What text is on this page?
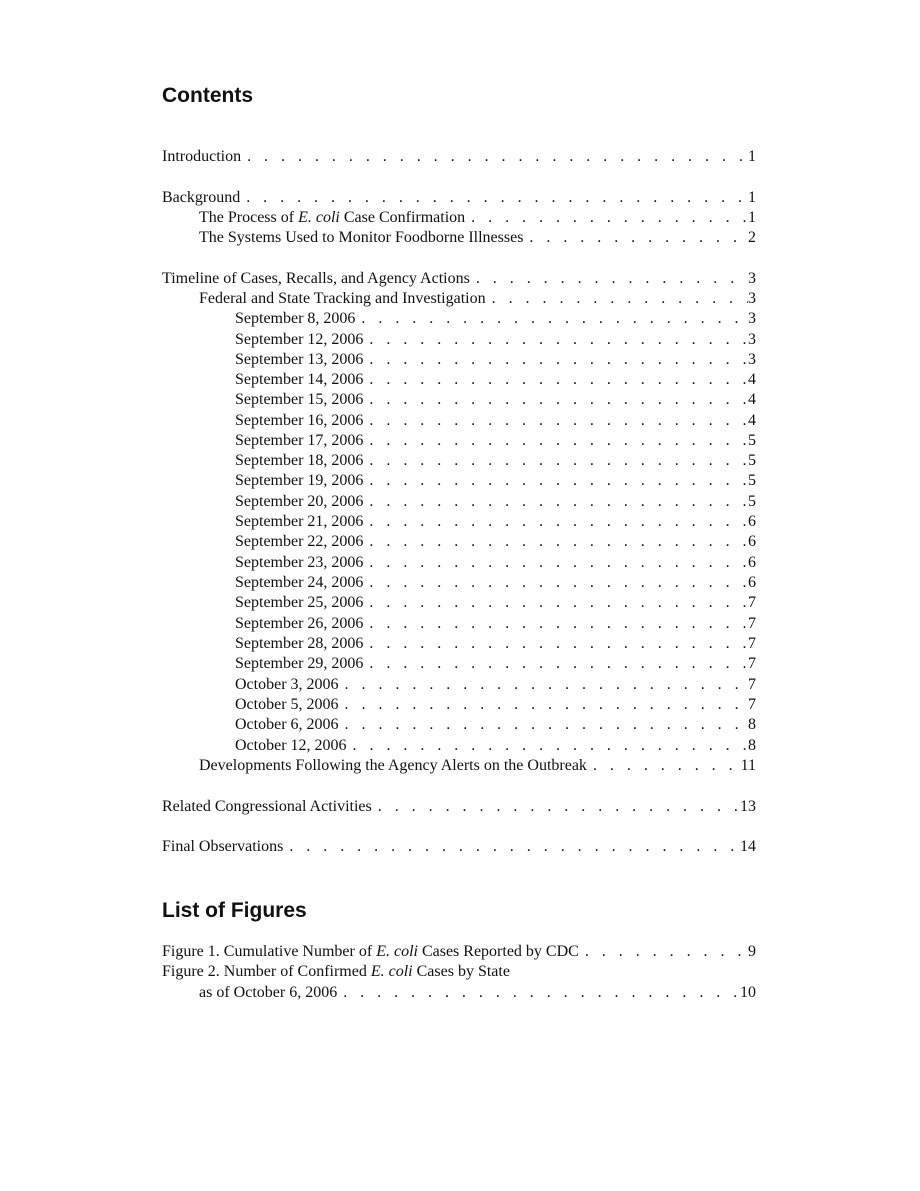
Contents
Introduction . . .	1
Background . . .	1
The Process of E. coli Case Confirmation . . .	1
The Systems Used to Monitor Foodborne Illnesses . . .	2
Timeline of Cases, Recalls, and Agency Actions . . .	3
Federal and State Tracking and Investigation . . .	3
September 8, 2006 . . .	3
September 12, 2006 . . .	3
September 13, 2006 . . .	3
September 14, 2006 . . .	4
September 15, 2006 . . .	4
September 16, 2006 . . .	4
September 17, 2006 . . .	5
September 18, 2006 . . .	5
September 19, 2006 . . .	5
September 20, 2006 . . .	5
September 21, 2006 . . .	6
September 22, 2006 . . .	6
September 23, 2006 . . .	6
September 24, 2006 . . .	6
September 25, 2006 . . .	7
September 26, 2006 . . .	7
September 28, 2006 . . .	7
September 29, 2006 . . .	7
October 3, 2006 . . .	7
October 5, 2006 . . .	7
October 6, 2006 . . .	8
October 12, 2006 . . .	8
Developments Following the Agency Alerts on the Outbreak . . .	11
Related Congressional Activities . . .	13
Final Observations . . .	14
List of Figures
Figure 1. Cumulative Number of E. coli Cases Reported by CDC . . .	9
Figure 2. Number of Confirmed E. coli Cases by State
as of October 6, 2006 . . .	10
